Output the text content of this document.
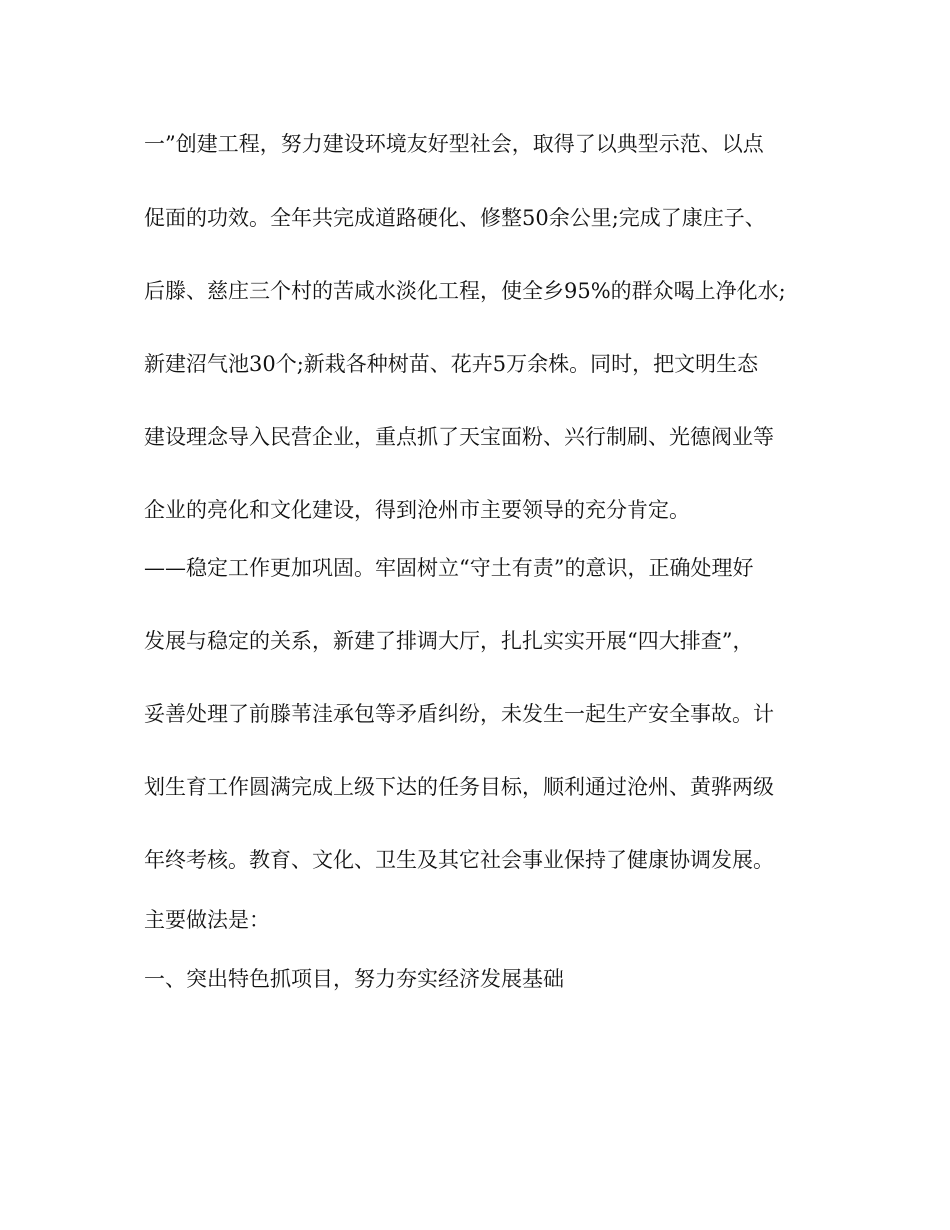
一”创建工程，努力建设环境友好型社会，取得了以典型示范、以点
促面的功效。全年共完成道路硬化、修整50余公里;完成了康庄子、
后滕、慈庄三个村的苦咸水淡化工程，使全乡95%的群众喝上净化水;
新建沼气池30个;新栽各种树苗、花卉5万余株。同时，把文明生态
建设理念导入民营企业，重点抓了天宝面粉、兴行制刷、光德阀业等
企业的亮化和文化建设，得到沧州市主要领导的充分肯定。
——稳定工作更加巩固。牢固树立“守土有责”的意识，正确处理好
发展与稳定的关系，新建了排调大厅，扎扎实实开展“四大排查”，
妥善处理了前滕苇洼承包等矛盾纠纷，未发生一起生产安全事故。计
划生育工作圆满完成上级下达的任务目标，顺利通过沧州、黄骅两级
年终考核。教育、文化、卫生及其它社会事业保持了健康协调发展。
主要做法是：
一、突出特色抓项目，努力夯实经济发展基础
